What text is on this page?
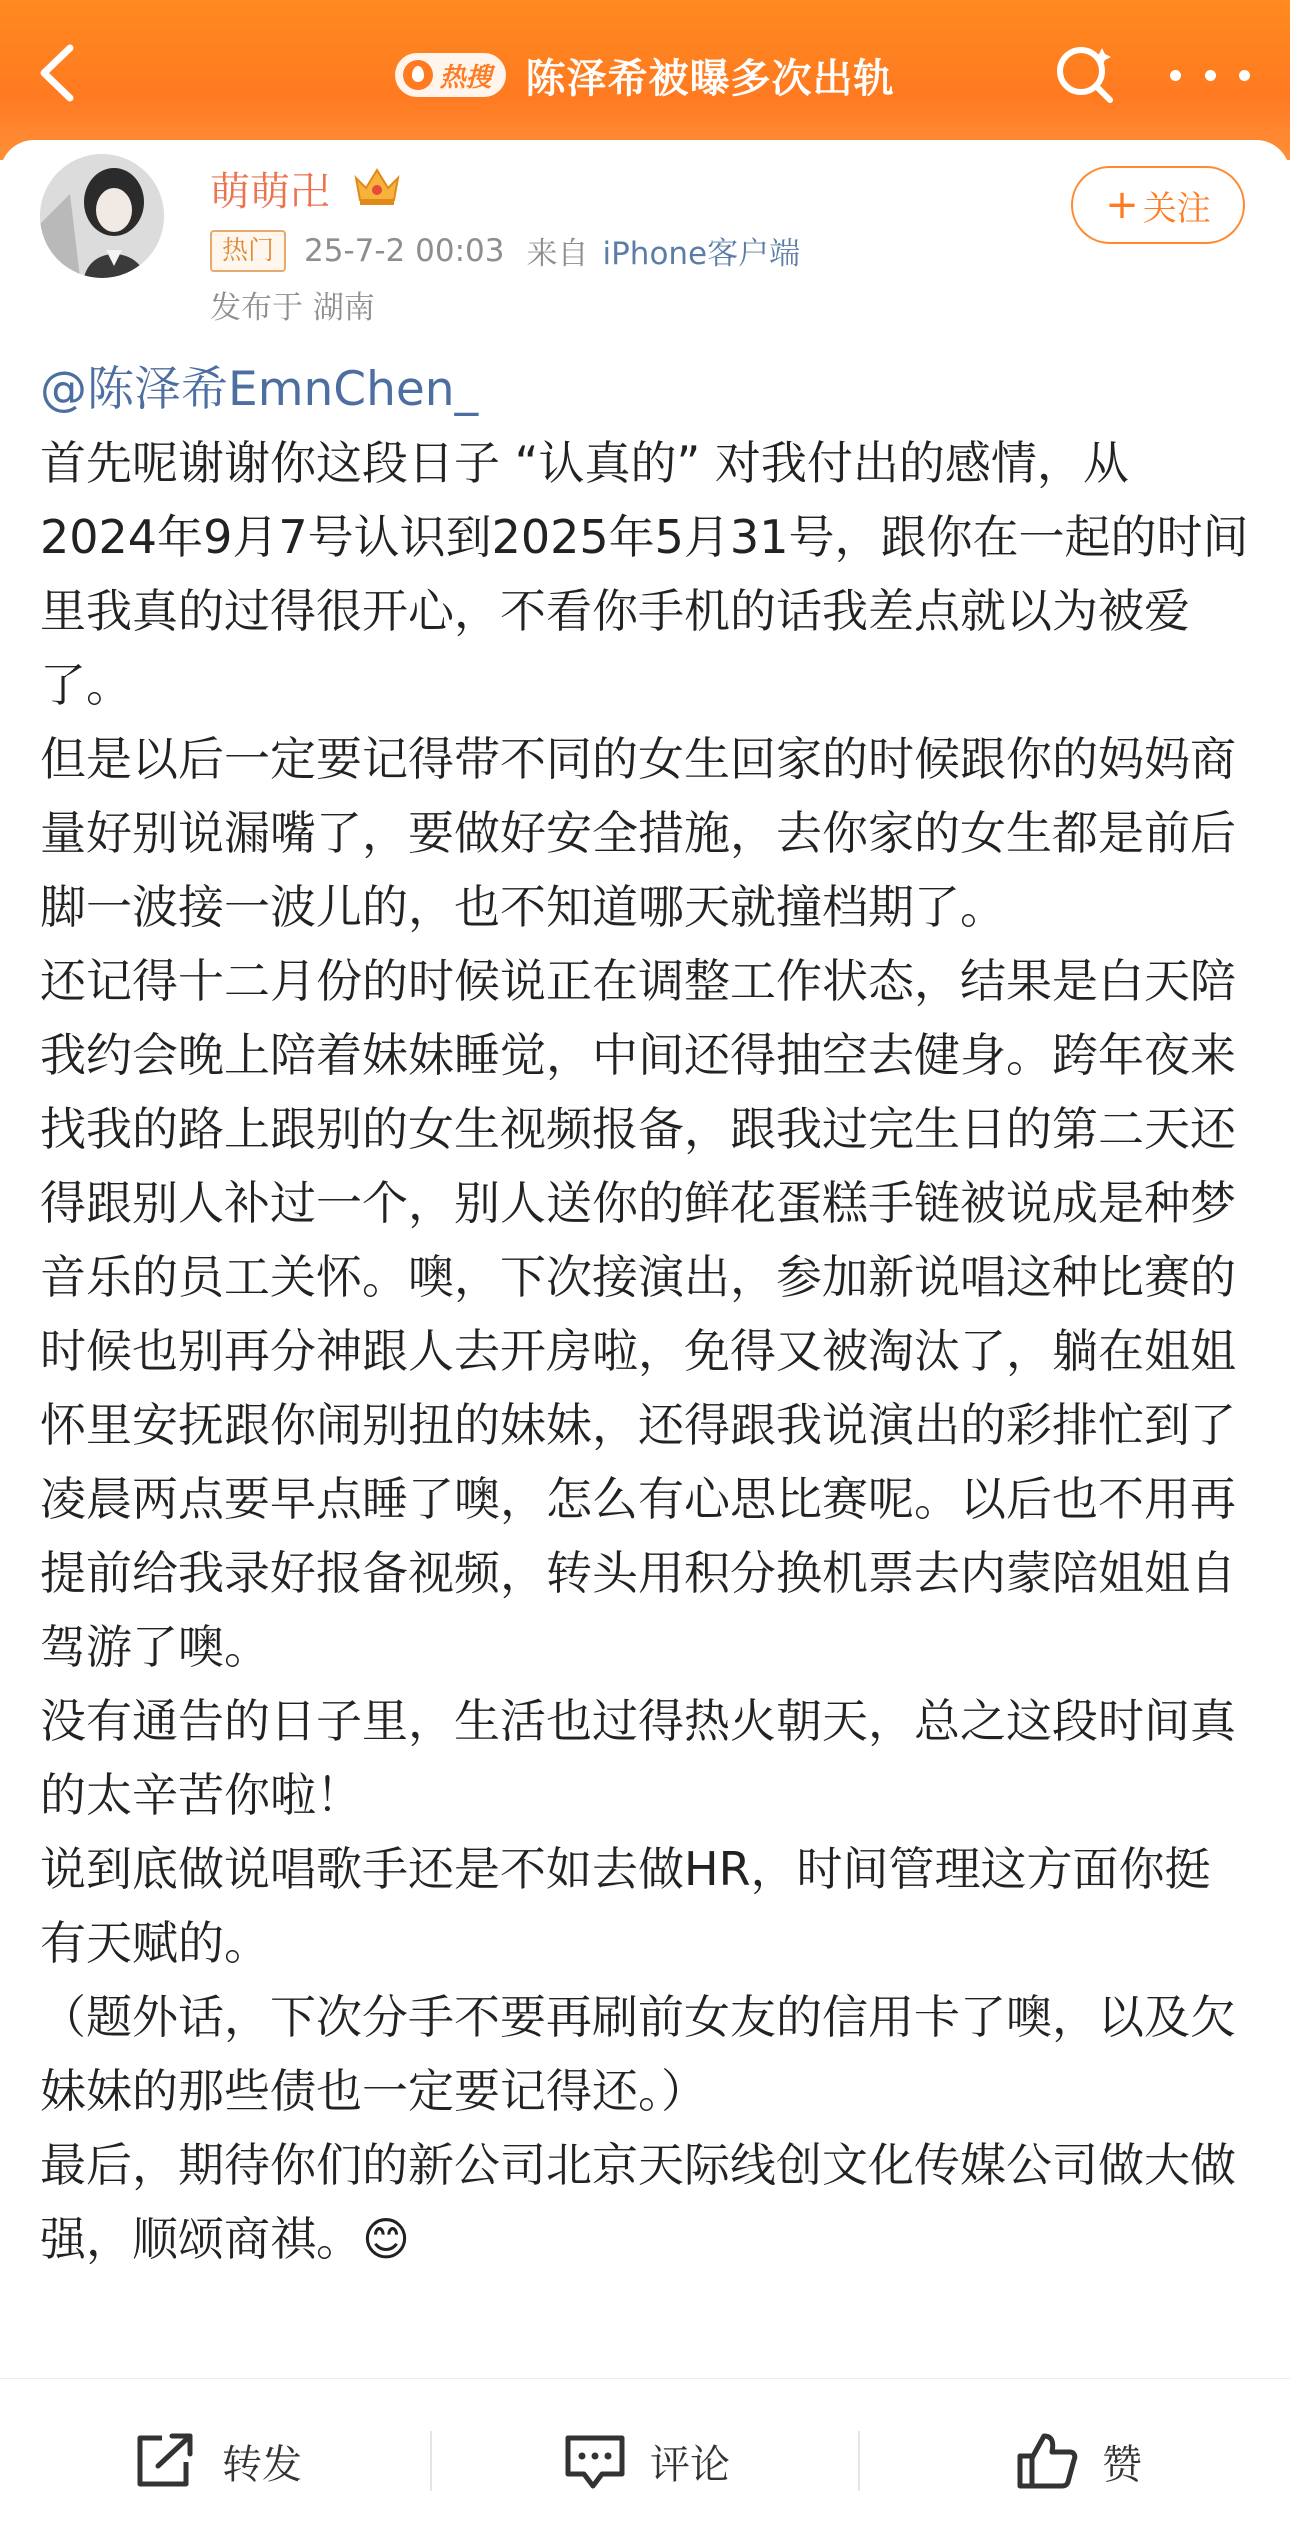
热搜 陈泽希被曝多次出轨
萌萌卍
热门 25-7-2 00:03 来自 iPhone客户端
发布于 湖南
+ 关注
@陈泽希EmnChen_

首先呢谢谢你这段日子 “认真的” 对我付出的感情，从 2024年9月7号认识到2025年5月31号，跟你在一起的时间里我真的过得很开心，不看你手机的话我差点就以为被爱了。

但是以后一定要记得带不同的女生回家的时候跟你的妈妈商量好别说漏嘴了，要做好安全措施，去你家的女生都是前后脚一波接一波儿的，也不知道哪天就撞档期了。

还记得十二月份的时候说正在调整工作状态，结果是白天陪我约会晚上陪着妹妹睡觉，中间还得抽空去健身。跨年夜来找我的路上跟别的女生视频报备，跟我过完生日的第二天还得跟别人补过一个，别人送你的鲜花蛋糕手链被说成是种梦音乐的员工关怀。噢，下次接演出，参加新说唱这种比赛的时候也别再分神跟人去开房啦，免得又被淘汰了，躺在姐姐怀里安抚跟你闹别扭的妹妹，还得跟我说演出的彩排忙到了凌晨两点要早点睡了噢，怎么有心思比赛呢。以后也不用再提前给我录好报备视频，转头用积分换机票去内蒙陪姐姐自驾游了噢。

没有通告的日子里，生活也过得热火朝天，总之这段时间真的太辛苦你啦！

说到底做说唱歌手还是不如去做HR，时间管理这方面你挺有天赋的。

（题外话，下次分手不要再刷前女友的信用卡了噢，以及欠妹妹的那些债也一定要记得还。）

最后，期待你们的新公司北京天际线创文化传媒公司做大做强，顺颂商祺。😊

转发	评论	赞
